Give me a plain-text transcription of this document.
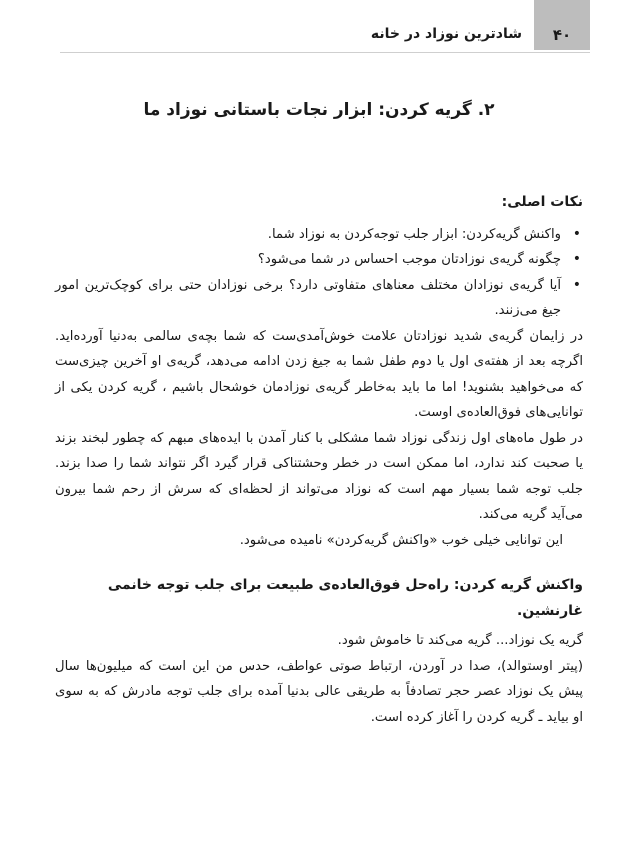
۴۰
شادترین نوزاد در خانه
۲. گریه کردن: ابزار نجات باستانی نوزاد ما
نکات اصلی:
• واکنش گریه‌کردن: ابزار جلب توجه‌کردن به نوزاد شما.
• چگونه گریه‌ی نوزادتان موجب احساس در شما می‌شود؟
• آیا گریه‌ی نوزادان مختلف معناهای متفاوتی دارد؟ برخی نوزادان حتی برای کوچک‌ترین امور جیغ می‌زنند.

در زایمان گریه‌ی شدید نوزادتان علامت خوش‌آمدی‌ست که شما بچه‌ی سالمی به‌دنیا آورده‌اید. اگرچه بعد از هفته‌ی اول یا دوم طفل شما به جیغ زدن ادامه می‌دهد، گریه‌ی او آخرین چیزی‌ست که می‌خواهید بشنوید! اما ما باید به‌خاطر گریه‌ی نوزادمان خوشحال باشیم ، گریه کردن یکی از توانایی‌های فوق‌العاده‌ی اوست.

در طول ماه‌های اول زندگی نوزاد شما مشکلی با کنار آمدن با ایده‌های مبهم که چطور لبخند بزند یا صحبت کند ندارد، اما ممکن است در خطر وحشتناکی قرار گیرد اگر نتواند شما را صدا بزند. جلب توجه شما بسیار مهم است که نوزاد می‌تواند از لحظه‌ای که سرش از رحم شما بیرون می‌آید گریه می‌کند.

این توانایی خیلی خوب «واکنش گریه‌کردن» نامیده می‌شود.

واکنش گریه کردن: راه‌حل فوق‌العاده‌ی طبیعت برای جلب توجه خانمی غارنشین.

گریه یک نوزاد... گریه می‌کند تا خاموش شود.

(پیتر اوستوالد)، صدا در آوردن، ارتباط صوتی عواطف، حدس من این است که میلیون‌ها سال پیش یک نوزاد عصر حجر تصادفاً به طریقی عالی بدنیا آمده برای جلب توجه مادرش که به سوی او بیاید ـ گریه کردن را آغاز کرده است.
